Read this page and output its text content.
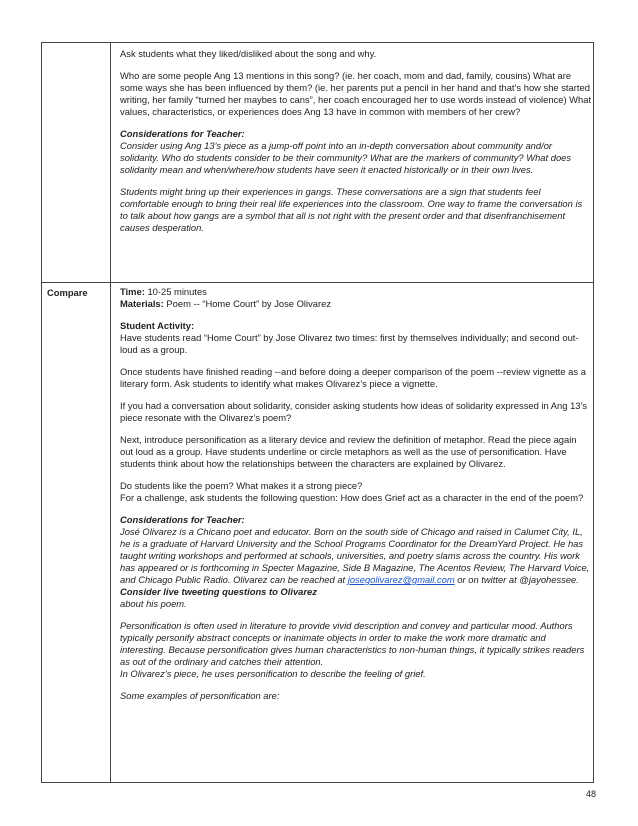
Ask students what they liked/disliked about the song and why.

Who are some people Ang 13 mentions in this song? (ie. her coach, mom and dad, family, cousins) What are some ways she has been influenced by them? (ie. her parents put a pencil in her hand and that’s how she started writing, her family “turned her maybes to cans”, her coach encouraged her to use words instead of violence) What values, characteristics, or experiences does Ang 13 have in common with members of her crew?

Considerations for Teacher:
Consider using Ang 13’s piece as a jump-off point into an in-depth conversation about community and/or solidarity. Who do students consider to be their community? What are the markers of community? What does solidarity mean and when/where/how students have seen it enacted historically or in their own lives.

Students might bring up their experiences in gangs. These conversations are a sign that students feel comfortable enough to bring their real life experiences into the classroom. One way to frame the conversation is to talk about how gangs are a symbol that all is not right with the present order and that disenfranchisement causes desperation.

Compare	Time: 10-25 minutes
Materials: Poem -- “Home Court” by Jose Olivarez

Student Activity:
Have students read “Home Court” by Jose Olivarez two times: first by themselves individually; and second out-loud as a group.

Once students have finished reading --and before doing a deeper comparison of the poem --review vignette as a literary form. Ask students to identify what makes Olivarez’s piece a vignette.

If you had a conversation about solidarity, consider asking students how ideas of solidarity expressed in Ang 13’s piece resonate with the Olivarez’s poem?

Next, introduce personification as a literary device and review the definition of metaphor. Read the piece again out loud as a group. Have students underline or circle metaphors as well as the use of personification. Have students think about how the relationships between the characters are explained by Olivarez.

Do students like the poem? What makes it a strong piece?
For a challenge, ask students the following question: How does Grief act as a character in the end of the poem?

Considerations for Teacher:
José Olivarez is a Chicano poet and educator. Born on the south side of Chicago and raised in Calumet City, IL, he is a graduate of Harvard University and the School Programs Coordinator for the DreamYard Project. He has taught writing workshops and performed at schools, universities, and poetry slams across the country. His work has appeared or is forthcoming in Specter Magazine, Side B Magazine, The Acentos Review, The Harvard Voice, and Chicago Public Radio. Olivarez can be reached at josegolivarez@gmail.com or on twitter at @jayohessee. Consider live tweeting questions to Olivarez
about his poem.

Personification is often used in literature to provide vivid description and convey and particular mood. Authors typically personify abstract concepts or inanimate objects in order to make the work more dramatic and interesting. Because personification gives human characteristics to non-human things, it typically strikes readers as out of the ordinary and catches their attention.
In Olivarez’s piece, he uses personification to describe the feeling of grief.

Some examples of personification are:

48
